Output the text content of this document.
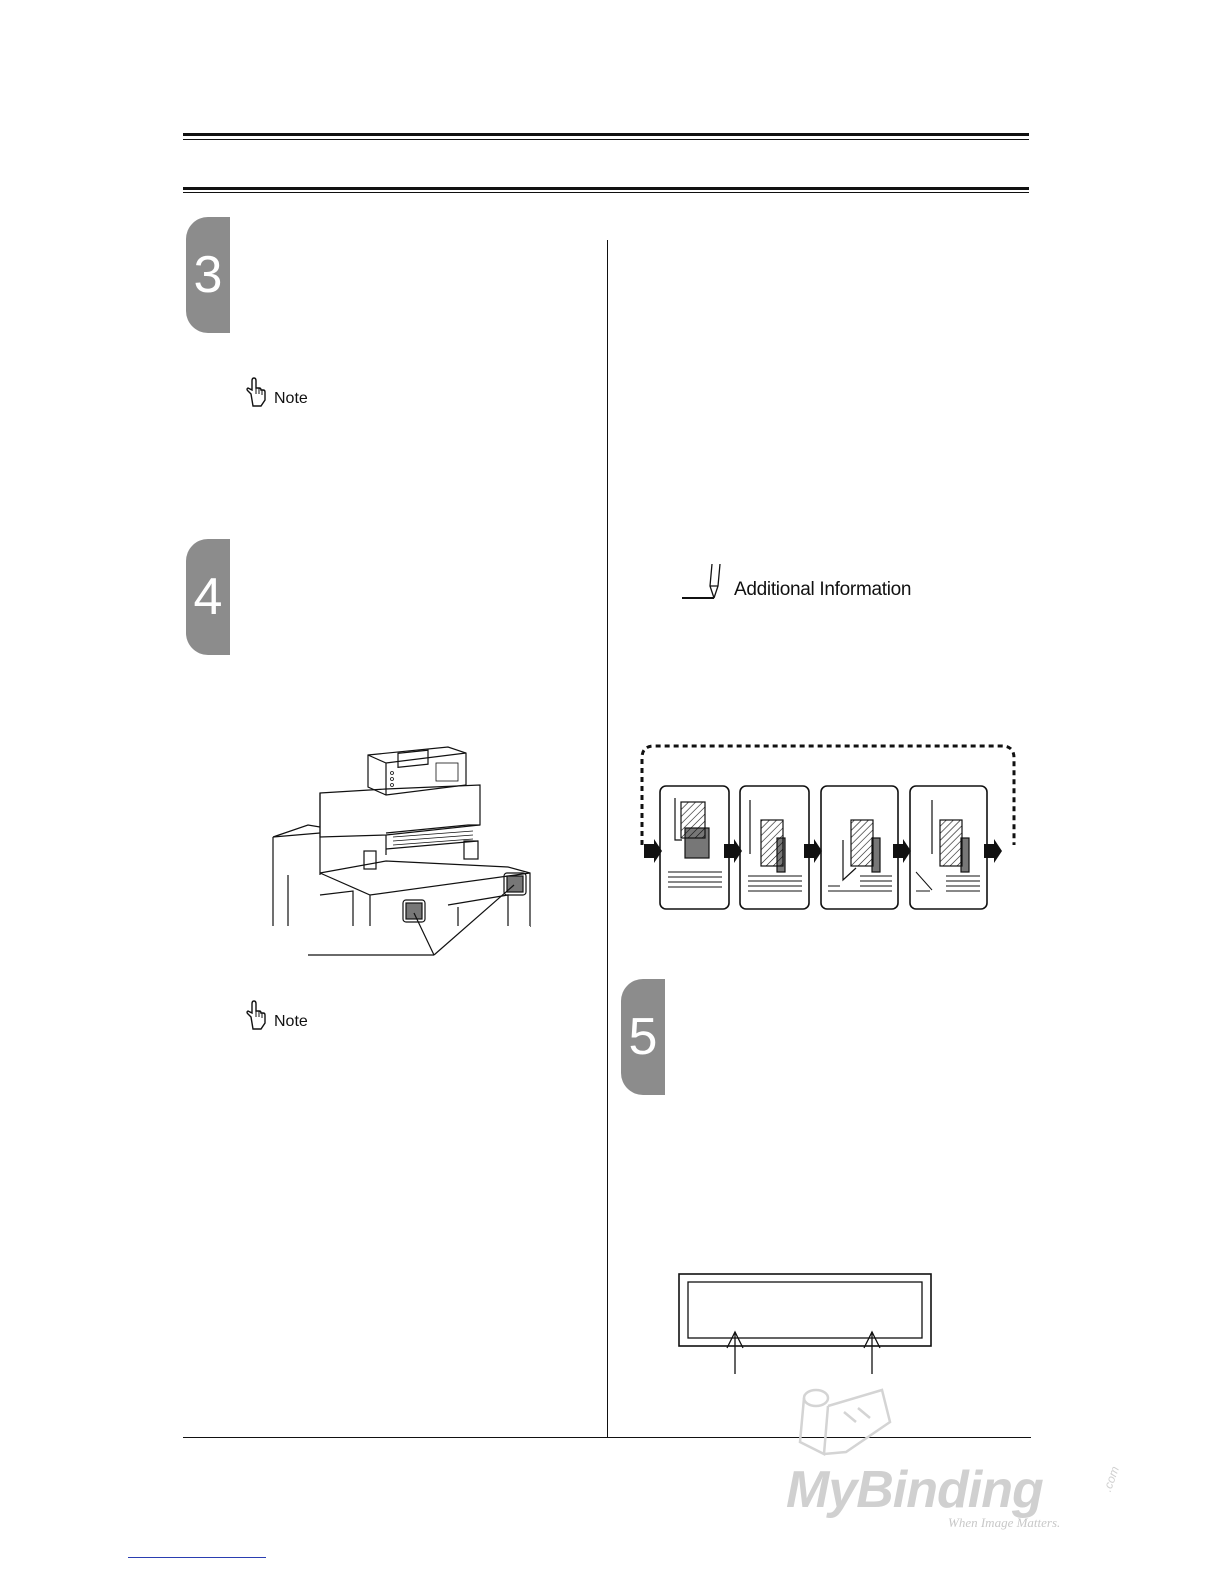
3
4
5
Note
Note
Additional Information
MyBinding	.com
When Image Matters.
